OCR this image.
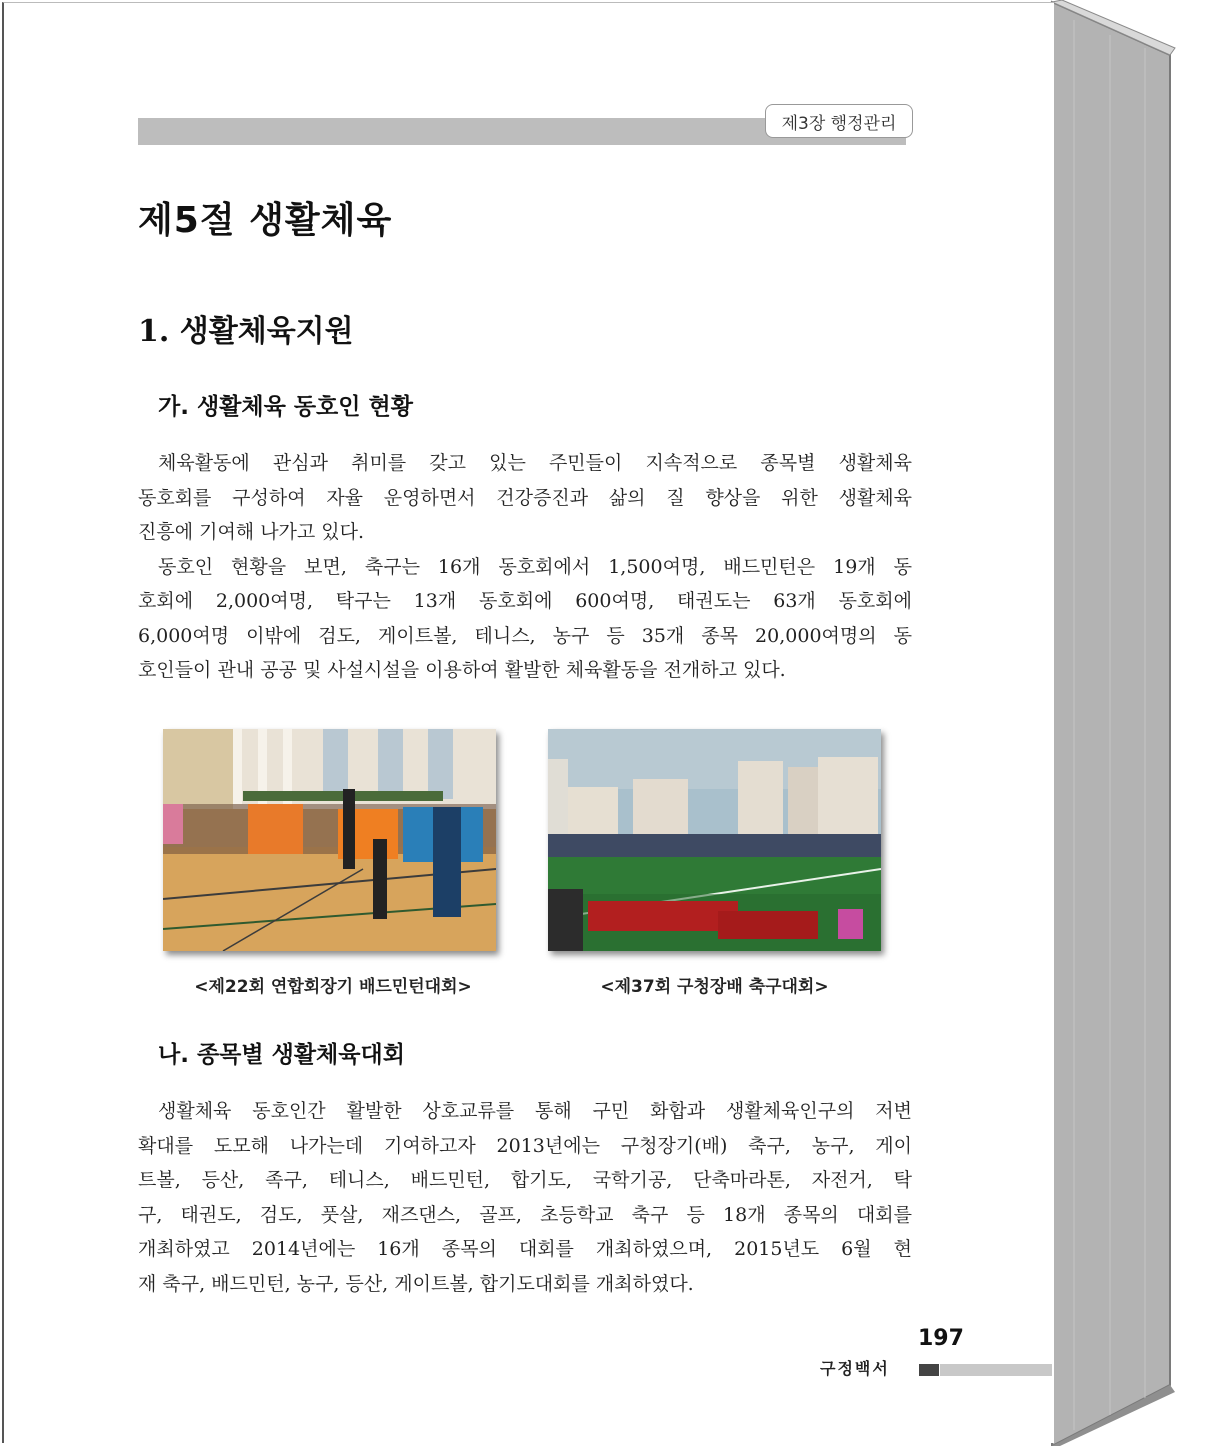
제3장 행정관리
제5절 생활체육
1. 생활체육지원
가. 생활체육 동호인 현황
체육활동에 관심과 취미를 갖고 있는 주민들이 지속적으로 종목별 생활체육
동호회를 구성하여 자율 운영하면서 건강증진과 삶의 질 향상을 위한 생활체육
진흥에 기여해 나가고 있다.
동호인 현황을 보면, 축구는 16개 동호회에서 1,500여명, 배드민턴은 19개 동
호회에 2,000여명, 탁구는 13개 동호회에 600여명, 태권도는 63개 동호회에
6,000여명 이밖에 검도, 게이트볼, 테니스, 농구 등 35개 종목 20,000여명의 동
호인들이 관내 공공 및 사설시설을 이용하여 활발한 체육활동을 전개하고 있다.
<제22회 연합회장기 배드민턴대회>	<제37회 구청장배 축구대회>
나. 종목별 생활체육대회
생활체육 동호인간 활발한 상호교류를 통해 구민 화합과 생활체육인구의 저변
확대를 도모해 나가는데 기여하고자 2013년에는 구청장기(배) 축구, 농구, 게이
트볼, 등산, 족구, 테니스, 배드민턴, 합기도, 국학기공, 단축마라톤, 자전거, 탁
구, 태권도, 검도, 풋살, 재즈댄스, 골프, 초등학교 축구 등 18개 종목의 대회를
개최하였고 2014년에는 16개 종목의 대회를 개최하였으며, 2015년도 6월 현
재 축구, 배드민턴, 농구, 등산, 게이트볼, 합기도대회를 개최하였다.
197
구정백서
